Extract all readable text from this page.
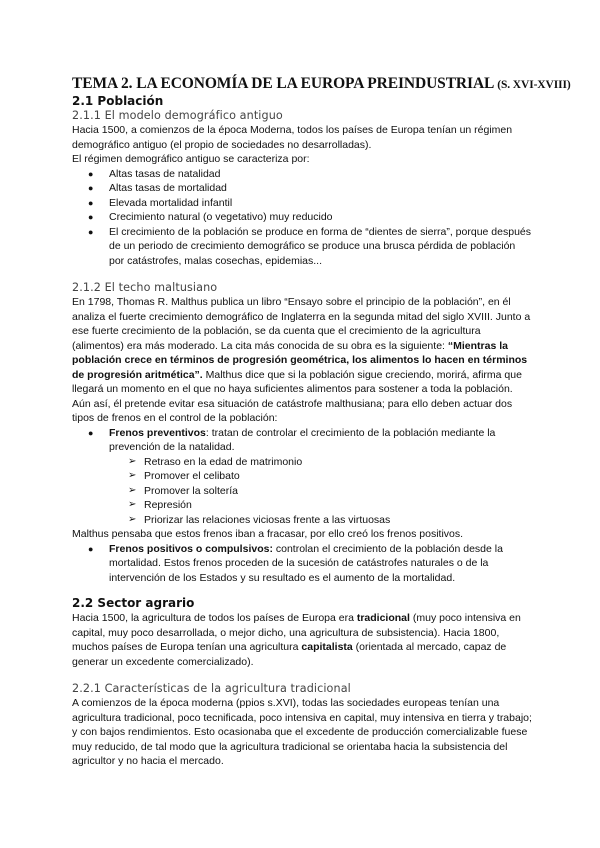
TEMA 2. LA ECONOMÍA DE LA EUROPA PREINDUSTRIAL (S. XVI-XVIII)
2.1 Población
2.1.1 El modelo demográfico antiguo

Hacia 1500, a comienzos de la época Moderna, todos los países de Europa tenían un régimen demográfico antiguo (el propio de sociedades no desarrolladas).

El régimen demográfico antiguo se caracteriza por:

● Altas tasas de natalidad
● Altas tasas de mortalidad
● Elevada mortalidad infantil
● Crecimiento natural (o vegetativo) muy reducido
● El crecimiento de la población se produce en forma de “dientes de sierra”, porque después de un periodo de crecimiento demográfico se produce una brusca pérdida de población por catástrofes, malas cosechas, epidemias...
2.1.2 El techo maltusiano

En 1798, Thomas R. Malthus publica un libro “Ensayo sobre el principio de la población”, en él analiza el fuerte crecimiento demográfico de Inglaterra en la segunda mitad del siglo XVIII. Junto a ese fuerte crecimiento de la población, se da cuenta que el crecimiento de la agricultura (alimentos) era más moderado. La cita más conocida de su obra es la siguiente: “Mientras la población crece en términos de progresión geométrica, los alimentos lo hacen en términos de progresión aritmética”. Malthus dice que si la población sigue creciendo, morirá, afirma que llegará un momento en el que no haya suficientes alimentos para sostener a toda la población. Aún así, él pretende evitar esa situación de catástrofe malthusiana; para ello deben actuar dos tipos de frenos en el control de la población:

● Frenos preventivos: tratan de controlar el crecimiento de la población mediante la prevención de la natalidad.
➢ Retraso en la edad de matrimonio
➢ Promover el celibato
➢ Promover la soltería
➢ Represión
➢ Priorizar las relaciones viciosas frente a las virtuosas

Malthus pensaba que estos frenos iban a fracasar, por ello creó los frenos positivos.

● Frenos positivos o compulsivos: controlan el crecimiento de la población desde la mortalidad. Estos frenos proceden de la sucesión de catástrofes naturales o de la intervención de los Estados y su resultado es el aumento de la mortalidad.
2.2 Sector agrario

Hacia 1500, la agricultura de todos los países de Europa era tradicional (muy poco intensiva en capital, muy poco desarrollada, o mejor dicho, una agricultura de subsistencia). Hacia 1800, muchos países de Europa tenían una agricultura capitalista (orientada al mercado, capaz de generar un excedente comercializado).

2.2.1 Características de la agricultura tradicional

A comienzos de la época moderna (ppios s.XVI), todas las sociedades europeas tenían una agricultura tradicional, poco tecnificada, poco intensiva en capital, muy intensiva en tierra y trabajo; y con bajos rendimientos. Esto ocasionaba que el excedente de producción comercializable fuese muy reducido, de tal modo que la agricultura tradicional se orientaba hacia la subsistencia del agricultor y no hacia el mercado.
